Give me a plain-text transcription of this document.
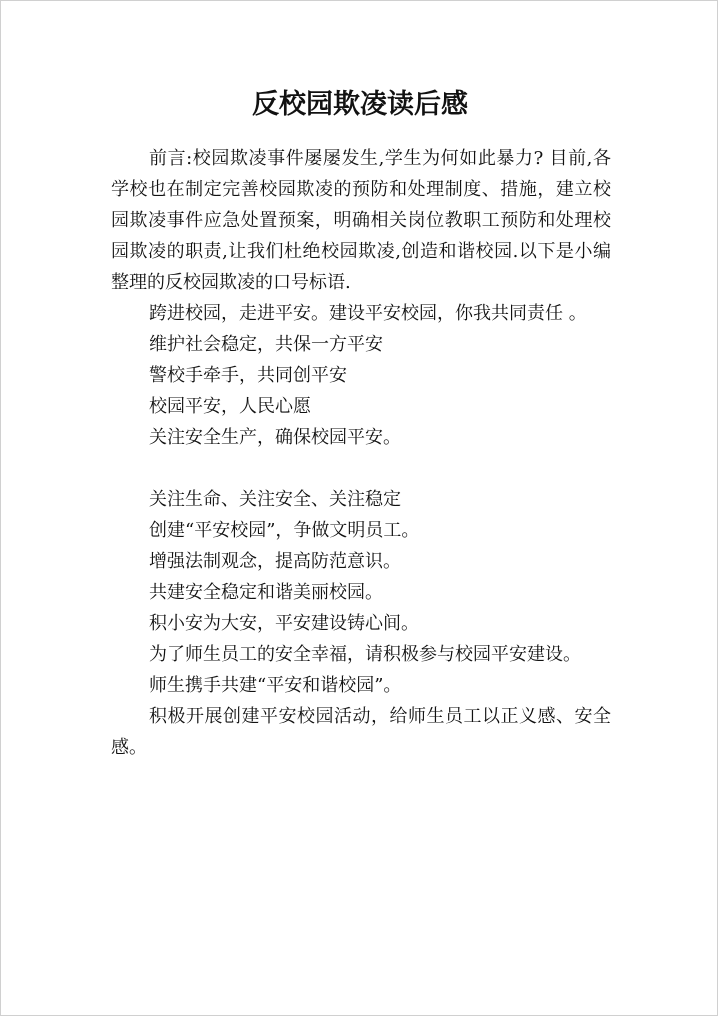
反校园欺凌读后感

前言:校园欺凌事件屡屡发生,学生为何如此暴力? 目前,各学校也在制定完善校园欺凌的预防和处理制度、措施，建立校园欺凌事件应急处置预案，明确相关岗位教职工预防和处理校园欺凌的职责,让我们杜绝校园欺凌,创造和谐校园.以下是小编整理的反校园欺凌的口号标语.

跨进校园，走进平安。建设平安校园，你我共同责任 。

维护社会稳定，共保一方平安

警校手牵手，共同创平安

校园平安，人民心愿

关注安全生产，确保校园平安。

关注生命、关注安全、关注稳定

创建“平安校园”，争做文明员工。

增强法制观念，提高防范意识。

共建安全稳定和谐美丽校园。

积小安为大安，平安建设铸心间。

为了师生员工的安全幸福，请积极参与校园平安建设。

师生携手共建“平安和谐校园”。

积极开展创建平安校园活动，给师生员工以正义感、安全感。
